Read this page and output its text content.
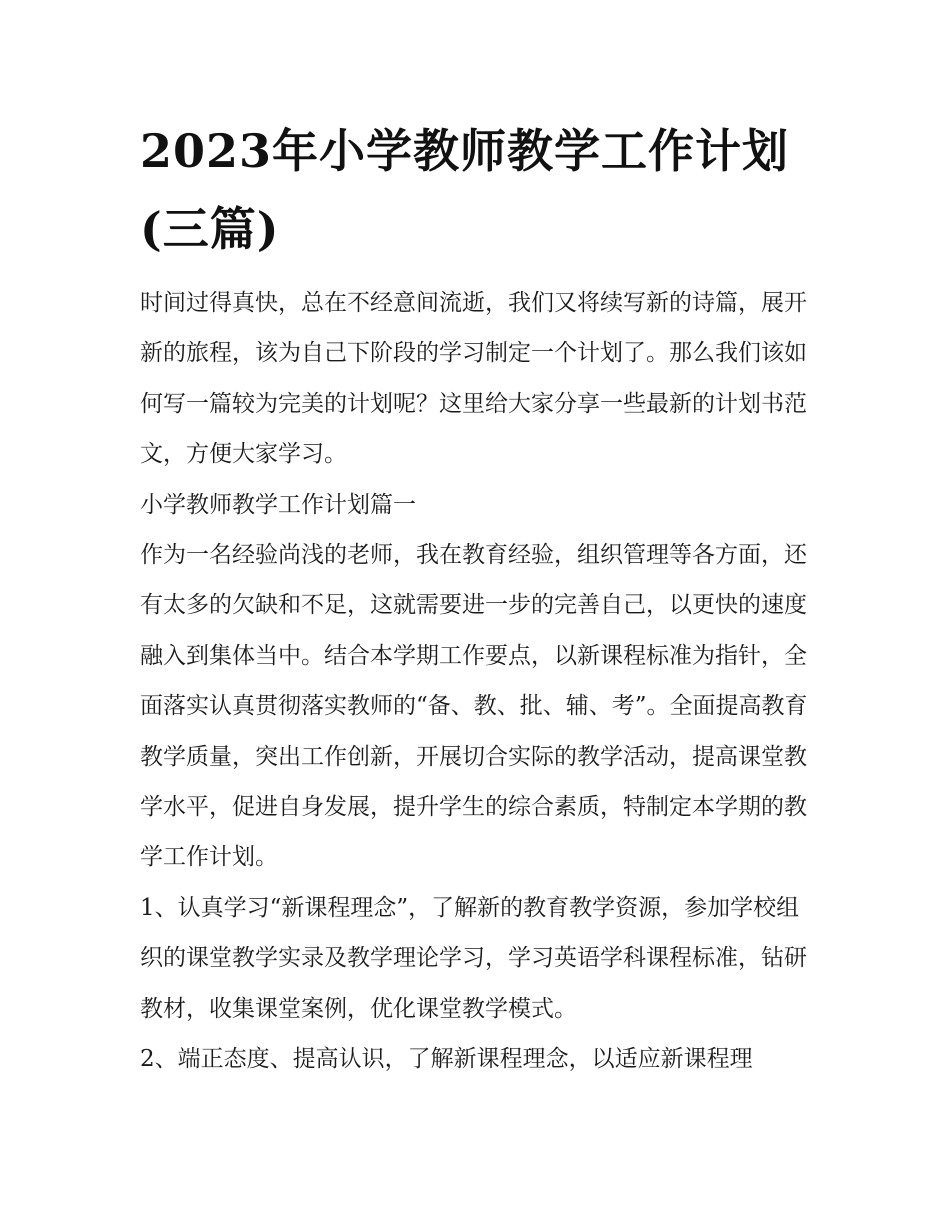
2023年小学教师教学工作计划(三篇)

时间过得真快，总在不经意间流逝，我们又将续写新的诗篇，展开新的旅程，该为自己下阶段的学习制定一个计划了。那么我们该如何写一篇较为完美的计划呢？这里给大家分享一些最新的计划书范文，方便大家学习。

小学教师教学工作计划篇一

作为一名经验尚浅的老师，我在教育经验，组织管理等各方面，还有太多的欠缺和不足，这就需要进一步的完善自己，以更快的速度融入到集体当中。结合本学期工作要点，以新课程标准为指针，全面落实认真贯彻落实教师的“备、教、批、辅、考”。全面提高教育教学质量，突出工作创新，开展切合实际的教学活动，提高课堂教学水平，促进自身发展，提升学生的综合素质，特制定本学期的教学工作计划。

1、认真学习“新课程理念”，了解新的教育教学资源，参加学校组织的课堂教学实录及教学理论学习，学习英语学科课程标准，钻研教材，收集课堂案例，优化课堂教学模式。

2、端正态度、提高认识，了解新课程理念，以适应新课程理
